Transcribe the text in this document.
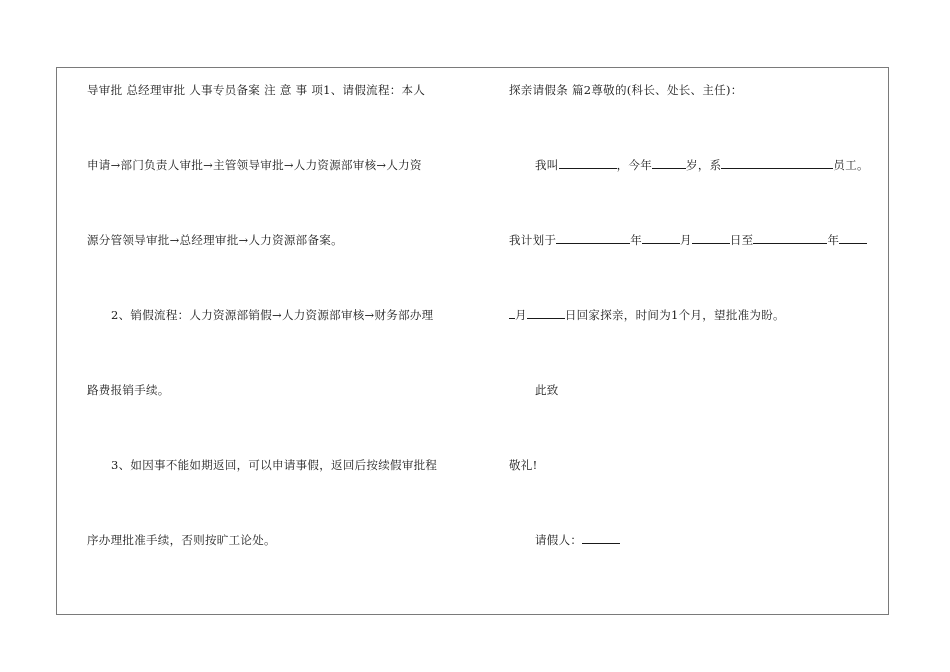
导审批 总经理审批 人事专员备案 注 意 事 项1、请假流程：本人
申请→部门负责人审批→主管领导审批→人力资源部审核→人力资
源分管领导审批→总经理审批→人力资源部备案。
2、销假流程：人力资源部销假→人力资源部审核→财务部办理
路费报销手续。
3、如因事不能如期返回，可以申请事假，返回后按续假审批程
序办理批准手续，否则按旷工论处。
探亲请假条 篇2尊敬的(科长、处长、主任)：
我叫	，今年	岁，系	员工。
我计划于	年	月	日至	年
月	日回家探亲，时间为1个月，望批准为盼。
此致
敬礼!
请假人：
